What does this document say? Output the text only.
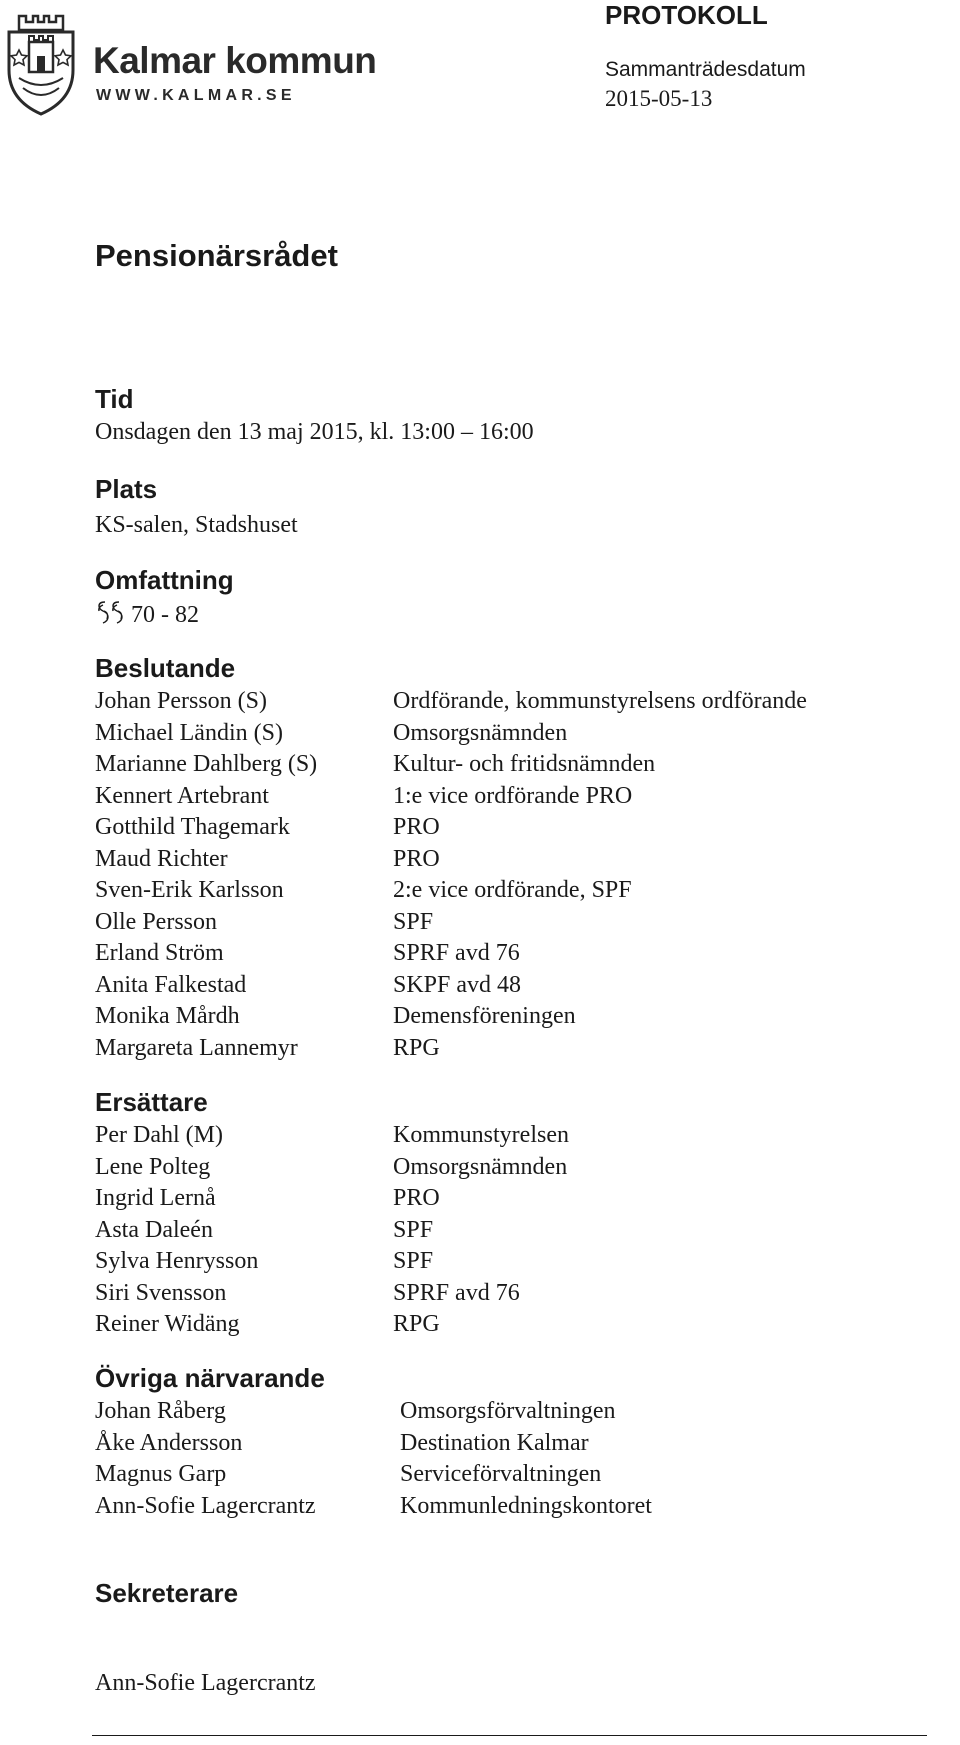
Kalmar kommun
WWW.KALMAR.SE
PROTOKOLL
Sammanträdesdatum
2015-05-13
Pensionärsrådet
Tid
Onsdagen den 13 maj 2015, kl. 13:00 – 16:00
Plats
KS-salen, Stadshuset
Omfattning
70 - 82
Beslutande
Johan Persson (S)	Ordförande, kommunstyrelsens ordförande
Michael Ländin (S)	Omsorgsnämnden
Marianne Dahlberg (S)	Kultur- och fritidsnämnden
Kennert Artebrant	1:e vice ordförande PRO
Gotthild Thagemark	PRO
Maud Richter	PRO
Sven-Erik Karlsson	2:e vice ordförande, SPF
Olle Persson	SPF
Erland Ström	SPRF avd 76
Anita Falkestad	SKPF avd 48
Monika Mårdh	Demensföreningen
Margareta Lannemyr	RPG
Ersättare
Per Dahl (M)	Kommunstyrelsen
Lene Polteg	Omsorgsnämnden
Ingrid Lernå	PRO
Asta Daleén	SPF
Sylva Henrysson	SPF
Siri Svensson	SPRF avd 76
Reiner Widäng	RPG
Övriga närvarande
Johan Råberg	Omsorgsförvaltningen
Åke Andersson	Destination Kalmar
Magnus Garp	Serviceförvaltningen
Ann-Sofie Lagercrantz	Kommunledningskontoret
Sekreterare
Ann-Sofie Lagercrantz
